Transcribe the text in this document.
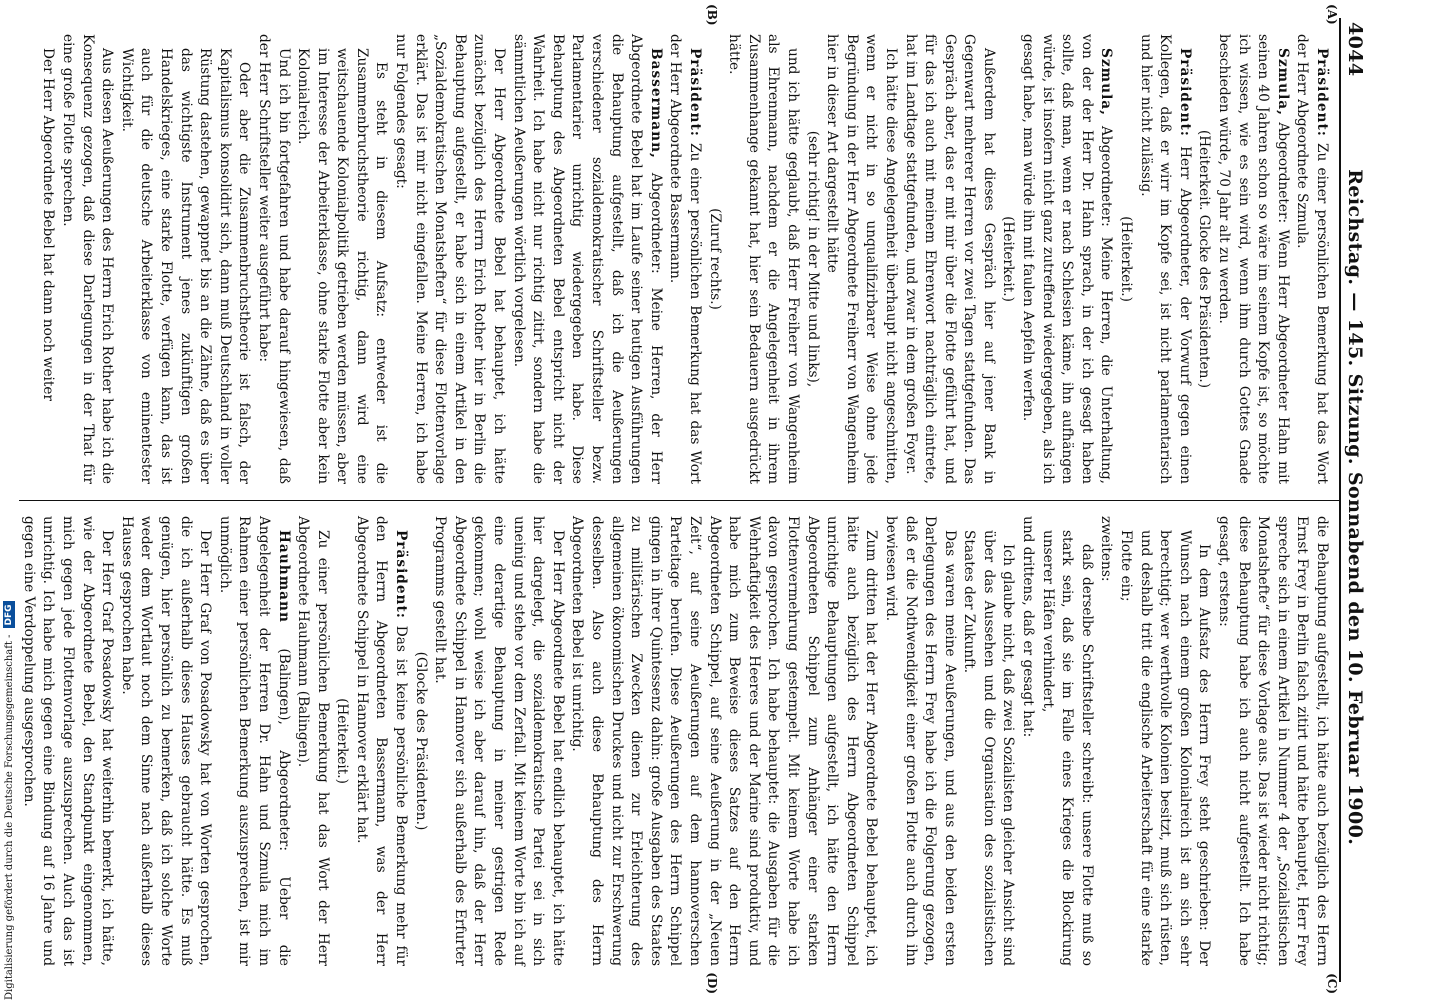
4044
Reichstag. — 145. Sitzung. Sonnabend den 10. Februar 1900.
(A)
(B)

Präsident: Zu einer persönlichen Bemerkung hat das Wort der Herr Abgeordnete Szmula.

Szmula, Abgeordneter: Wenn Herr Abgeordneter Hahn mit seinen 40 Jahren schon so wäre im seinem Kopfe ist, so möchte ich wissen, wie es sein wird, wenn ihm durch Gottes Gnade beschieden würde, 70 Jahr alt zu werden.

(Heiterkeit. Glocke des Präsidenten.)

Präsident: Herr Abgeordneter, der Vorwurf gegen einen Kollegen, daß er wirr im Kopfe sei, ist nicht parlamentarisch und hier nicht zulässig.

(Heiterkeit.)

Szmula, Abgeordneter: Meine Herren, die Unterhaltung, von der der Herr Dr. Hahn sprach, in der ich gesagt haben sollte, daß man, wenn er nach Schlesien käme, ihn aufhängen würde, ist insofern nicht ganz zutreffend wiedergegeben, als ich gesagt habe, man würde ihn mit faulen Aepfeln werfen.

(Heiterkeit.)

Außerdem hat dieses Gespräch hier auf jener Bank in Gegenwart mehrerer Herren vor zwei Tagen stattgefunden. Das Gespräch aber, das er mit mir über die Flotte geführt hat, und für das ich auch mit meinem Ehrenwort nachträglich eintrete, hat im Landtage stattgefunden, und zwar in dem großen Foyer.

Ich hätte diese Angelegenheit überhaupt nicht angeschnitten, wenn er nicht in so unqualifizirbarer Weise ohne jede Begründung in der Herr Abgeordnete Freiherr von Wangenheim hier in dieser Art dargestellt hätte

(sehr richtig! in der Mitte und links),

und ich hätte geglaubt, daß Herr Freiherr von Wangenheim als Ehrenmann, nachdem er die Angelegenheit in ihrem Zusammenhange gekannt hat, hier sein Bedauern ausgedrückt hätte.

(Zuruf rechts.)

Präsident: Zu einer persönlichen Bemerkung hat das Wort der Herr Abgeordnete Bassermann.

Bassermann, Abgeordneter: Meine Herren, der Herr Abgeordnete Bebel hat im Laufe seiner heutigen Ausführungen die Behauptung aufgestellt, daß ich die Aeußerungen verschiedener sozialdemokratischer Schriftsteller bezw. Parlamentarier unrichtig wiedergegeben habe. Diese Behauptung des Abgeordneten Bebel entspricht nicht der Wahrheit. Ich habe nicht nur richtig zitirt, sondern habe die sämmtlichen Aeußerungen wörtlich vorgelesen.

Der Herr Abgeordnete Bebel hat behauptet, ich hätte zunächst bezüglich des Herrn Erich Rother hier in Berlin die Behauptung aufgestellt, er habe sich in einem Artikel in den „Sozialdemokratischen Monatsheften“ für diese Flottenvorlage erklärt. Das ist mir nicht eingefallen. Meine Herren, ich habe nur Folgendes gesagt:

Es steht in diesem Aufsatz: entweder ist die Zusammenbruchstheorie richtig, dann wird eine weitschauende Kolonialpolitik getrieben werden müssen, aber im Interesse der Arbeiterklasse, ohne starke Flotte aber kein Kolonialreich.

Und ich bin fortgefahren und habe darauf hingewiesen, daß der Herr Schriftsteller weiter ausgeführt habe:

Oder aber die Zusammenbruchstheorie ist falsch, der Kapitalismus konsolidirt sich, dann muß Deutschland in voller Rüstung dastehen, gewappnet bis an die Zähne, daß es über das wichtigste Instrument jenes zukünftigen großen Handelskrieges, eine starke Flotte, verfügen kann, das ist auch für die deutsche Arbeiterklasse von eminentester Wichtigkeit.

Aus diesen Aeußerungen des Herrn Erich Rother habe ich die Konsequenz gezogen, daß diese Darlegungen in der That für eine große Flotte sprechen.

Der Herr Abgeordnete Bebel hat dann noch weiter

(C)
(D)

die Behauptung aufgestellt, ich hätte auch bezüglich des Herrn Ernst Frey in Berlin falsch zitirt und hätte behauptet, Herr Frey spreche sich in einem Artikel in Nummer 4 der „Sozialistischen Monatshefte“ für diese Vorlage aus. Das ist wieder nicht richtig; diese Behauptung habe ich auch nicht aufgestellt. Ich habe gesagt, erstens:

In dem Aufsatz des Herrn Frey steht geschrieben: Der Wunsch nach einem großen Kolonialreich ist an sich sehr berechtigt; wer werthvolle Kolonien besitzt, muß sich rüsten, und deshalb tritt die englische Arbeiterschaft für eine starke Flotte ein;

zweitens:

daß derselbe Schriftsteller schreibt: unsere Flotte muß so stark sein, daß sie im Falle eines Krieges die Blockirung unserer Häfen verhindert,

und drittens, daß er gesagt hat:

Ich glaube nicht, daß zwei Sozialisten gleicher Ansicht sind über das Aussehen und die Organisation des sozialistischen Staates der Zukunft.

Das waren meine Aeußerungen, und aus den beiden ersten Darlegungen des Herrn Frey habe ich die Folgerung gezogen, daß er die Nothwendigkeit einer großen Flotte auch durch ihn bewiesen wird.

Zum dritten hat der Herr Abgeordnete Bebel behauptet, ich hätte auch bezüglich des Herrn Abgeordneten Schippel unrichtige Behauptungen aufgestellt, ich hätte den Herrn Abgeordneten Schippel zum Anhänger einer starken Flottenvermehrung gestempelt. Mit keinem Worte habe ich davon gesprochen. Ich habe behauptet: die Ausgaben für die Wehrhaftigkeit des Heeres und der Marine sind produktiv, und habe mich zum Beweise dieses Satzes auf den Herrn Abgeordneten Schippel, auf seine Aeußerung in der „Neuen Zeit“, auf seine Aeußerungen auf dem hannoverschen Parteitage berufen. Diese Aeußerungen des Herrn Schippel gingen in ihrer Quintessenz dahin: große Ausgaben des Staates zu militärischen Zwecken dienen zur Erleichterung des allgemeinen ökonomischen Druckes und nicht zur Erschwerung desselben. Also auch diese Behauptung des Herrn Abgeordneten Bebel ist unrichtig.

Der Herr Abgeordnete Bebel hat endlich behauptet, ich hätte hier dargelegt, die sozialdemokratische Partei sei in sich uneinig und stehe vor dem Zerfall. Mit keinem Worte bin ich auf eine derartige Behauptung in meiner gestrigen Rede gekommen; wohl weise ich aber darauf hin, daß der Herr Abgeordnete Schippel in Hannover sich außerhalb des Erfurter Programms gestellt hat.

(Glocke des Präsidenten.)

Präsident: Das ist keine persönliche Bemerkung mehr für den Herrn Abgeordneten Bassermann, was der Herr Abgeordnete Schippel in Hannover erklärt hat.

(Heiterkeit.)

Zu einer persönlichen Bemerkung hat das Wort der Herr Abgeordnete Hauhmann (Balingen).

Hauhmann (Balingen), Abgeordneter: Ueber die Angelegenheit der Herren Dr. Hahn und Szmula mich im Rahmen einer persönlichen Bemerkung auszusprechen, ist mir unmöglich.

Der Herr Graf von Posadowsky hat von Worten gesprochen, die ich außerhalb dieses Hauses gebraucht hätte. Es muß genügen, hier persönlich zu bemerken, daß ich solche Worte weder dem Wortlaut noch dem Sinne nach außerhalb dieses Hauses gesprochen habe.

Der Herr Graf Posadowsky hat weiterhin bemerkt, ich hätte, wie der Abgeordnete Bebel, den Standpunkt eingenommen, mich gegen jede Flottenvorlage auszusprechen. Auch das ist unrichtig. Ich habe mich gegen eine Bindung auf 16 Jahre und gegen eine Verdoppelung ausgesprochen.

Digitalisierung gefördert durch die Deutsche Forschungsgemeinschaft -
DFG
